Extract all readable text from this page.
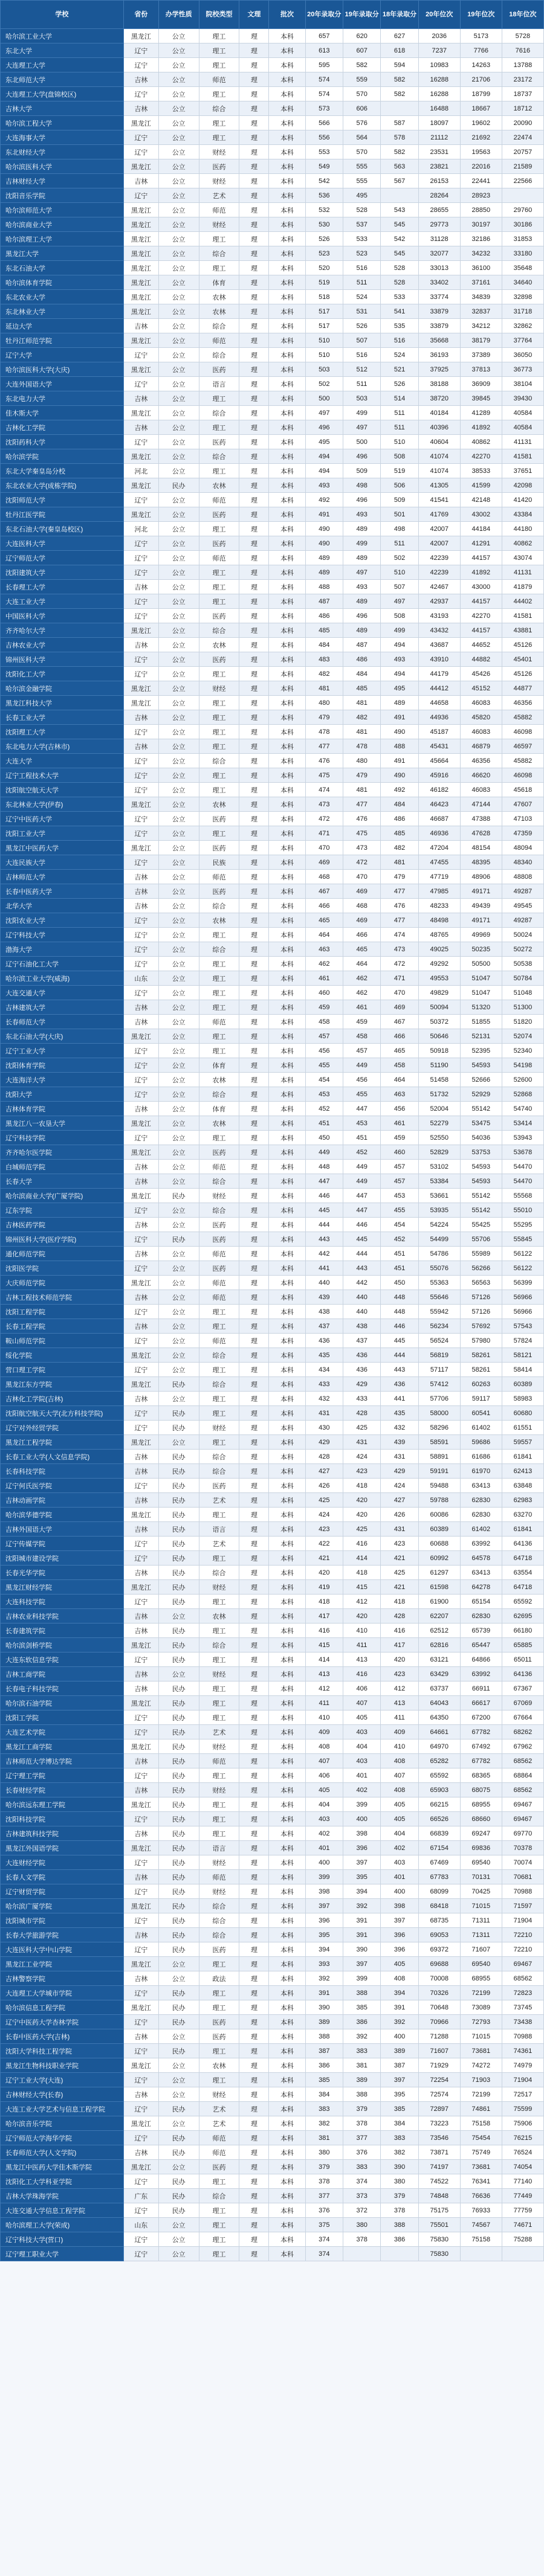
学校	省份	办学性质	院校类型	文理	批次	20年录取分	19年录取分	18年录取分	20年位次	19年位次	18年位次
哈尔滨工业大学	黑龙江	公立	理工	理	本科	657	620	627	2036	5173	5728
东北大学	辽宁	公立	理工	理	本科	613	607	618	7237	7766	7616
大连理工大学	辽宁	公立	理工	理	本科	595	582	594	10983	14263	13788
东北师范大学	吉林	公立	师范	理	本科	574	559	582	16288	21706	23172
大连理工大学(盘锦校区)	辽宁	公立	理工	理	本科	574	570	582	16288	18799	18737
吉林大学	吉林	公立	综合	理	本科	573	606		16488	18667	18712
哈尔滨工程大学	黑龙江	公立	理工	理	本科	566	576	587	18097	19602	20090
大连海事大学	辽宁	公立	理工	理	本科	556	564	578	21112	21692	22474
东北财经大学	辽宁	公立	财经	理	本科	553	570	582	23531	19563	20757
哈尔滨医科大学	黑龙江	公立	医药	理	本科	549	555	563	23821	22016	21589
吉林财经大学	吉林	公立	财经	理	本科	542	555	567	26153	22441	22566
沈阳音乐学院	辽宁	公立	艺术	理	本科	536	495		28264	28923	
哈尔滨师范大学	黑龙江	公立	师范	理	本科	532	528	543	28655	28850	29760
哈尔滨商业大学	黑龙江	公立	财经	理	本科	530	537	545	29773	30197	30186
哈尔滨理工大学	黑龙江	公立	理工	理	本科	526	533	542	31128	32186	31853
黑龙江大学	黑龙江	公立	综合	理	本科	523	523	545	32077	34232	33180
东北石油大学	黑龙江	公立	理工	理	本科	520	516	528	33013	36100	35648
哈尔滨体育学院	黑龙江	公立	体育	理	本科	519	511	528	33402	37161	34640
东北农业大学	黑龙江	公立	农林	理	本科	518	524	533	33774	34839	32898
东北林业大学	黑龙江	公立	农林	理	本科	517	531	541	33879	32837	31718
延边大学	吉林	公立	综合	理	本科	517	526	535	33879	34212	32862
牡丹江师范学院	黑龙江	公立	师范	理	本科	510	507	516	35668	38179	37764
辽宁大学	辽宁	公立	综合	理	本科	510	516	524	36193	37389	36050
哈尔滨医科大学(大庆)	黑龙江	公立	医药	理	本科	503	512	521	37925	37813	36773
大连外国语大学	辽宁	公立	语言	理	本科	502	511	526	38188	36909	38104
东北电力大学	吉林	公立	理工	理	本科	500	503	514	38720	39845	39430
佳木斯大学	黑龙江	公立	综合	理	本科	497	499	511	40184	41289	40584
吉林化工学院	吉林	公立	理工	理	本科	496	497	511	40396	41892	40584
沈阳药科大学	辽宁	公立	医药	理	本科	495	500	510	40604	40862	41131
哈尔滨学院	黑龙江	公立	综合	理	本科	494	496	508	41074	42270	41581
东北大学秦皇岛分校	河北	公立	理工	理	本科	494	509	519	41074	38533	37651
东北农业大学(成栋学院)	黑龙江	民办	农林	理	本科	493	498	506	41305	41599	42098
沈阳师范大学	辽宁	公立	师范	理	本科	492	496	509	41541	42148	41420
牡丹江医学院	黑龙江	公立	医药	理	本科	491	493	501	41769	43002	43384
东北石油大学(秦皇岛校区)	河北	公立	理工	理	本科	490	489	498	42007	44184	44180
大连医科大学	辽宁	公立	医药	理	本科	490	499	511	42007	41291	40862
辽宁师范大学	辽宁	公立	师范	理	本科	489	489	502	42239	44157	43074
沈阳建筑大学	辽宁	公立	理工	理	本科	489	497	510	42239	41892	41131
长春理工大学	吉林	公立	理工	理	本科	488	493	507	42467	43000	41879
大连工业大学	辽宁	公立	理工	理	本科	487	489	497	42937	44157	44402
中国医科大学	辽宁	公立	医药	理	本科	486	496	508	43193	42270	41581
齐齐哈尔大学	黑龙江	公立	综合	理	本科	485	489	499	43432	44157	43881
吉林农业大学	吉林	公立	农林	理	本科	484	487	494	43687	44652	45126
锦州医科大学	辽宁	公立	医药	理	本科	483	486	493	43910	44882	45401
沈阳化工大学	辽宁	公立	理工	理	本科	482	484	494	44179	45426	45126
哈尔滨金融学院	黑龙江	公立	财经	理	本科	481	485	495	44412	45152	44877
黑龙江科技大学	黑龙江	公立	理工	理	本科	480	481	489	44658	46083	46356
长春工业大学	吉林	公立	理工	理	本科	479	482	491	44936	45820	45882
沈阳理工大学	辽宁	公立	理工	理	本科	478	481	490	45187	46083	46098
东北电力大学(吉林市)	吉林	公立	理工	理	本科	477	478	488	45431	46879	46597
大连大学	辽宁	公立	综合	理	本科	476	480	491	45664	46356	45882
辽宁工程技术大学	辽宁	公立	理工	理	本科	475	479	490	45916	46620	46098
沈阳航空航天大学	辽宁	公立	理工	理	本科	474	481	492	46182	46083	45618
东北林业大学(伊春)	黑龙江	公立	农林	理	本科	473	477	484	46423	47144	47607
辽宁中医药大学	辽宁	公立	医药	理	本科	472	476	486	46687	47388	47103
沈阳工业大学	辽宁	公立	理工	理	本科	471	475	485	46936	47628	47359
黑龙江中医药大学	黑龙江	公立	医药	理	本科	470	473	482	47204	48154	48094
大连民族大学	辽宁	公立	民族	理	本科	469	472	481	47455	48395	48340
吉林师范大学	吉林	公立	师范	理	本科	468	470	479	47719	48906	48808
长春中医药大学	吉林	公立	医药	理	本科	467	469	477	47985	49171	49287
北华大学	吉林	公立	综合	理	本科	466	468	476	48233	49439	49545
沈阳农业大学	辽宁	公立	农林	理	本科	465	469	477	48498	49171	49287
辽宁科技大学	辽宁	公立	理工	理	本科	464	466	474	48765	49969	50024
渤海大学	辽宁	公立	综合	理	本科	463	465	473	49025	50235	50272
辽宁石油化工大学	辽宁	公立	理工	理	本科	462	464	472	49292	50500	50538
哈尔滨工业大学(威海)	山东	公立	理工	理	本科	461	462	471	49553	51047	50784
大连交通大学	辽宁	公立	理工	理	本科	460	462	470	49829	51047	51048
吉林建筑大学	吉林	公立	理工	理	本科	459	461	469	50094	51320	51300
长春师范大学	吉林	公立	师范	理	本科	458	459	467	50372	51855	51820
东北石油大学(大庆)	黑龙江	公立	理工	理	本科	457	458	466	50646	52131	52074
辽宁工业大学	辽宁	公立	理工	理	本科	456	457	465	50918	52395	52340
沈阳体育学院	辽宁	公立	体育	理	本科	455	449	458	51190	54593	54198
大连海洋大学	辽宁	公立	农林	理	本科	454	456	464	51458	52666	52600
沈阳大学	辽宁	公立	综合	理	本科	453	455	463	51732	52929	52868
吉林体育学院	吉林	公立	体育	理	本科	452	447	456	52004	55142	54740
黑龙江八一农垦大学	黑龙江	公立	农林	理	本科	451	453	461	52279	53475	53414
辽宁科技学院	辽宁	公立	理工	理	本科	450	451	459	52550	54036	53943
齐齐哈尔医学院	黑龙江	公立	医药	理	本科	449	452	460	52829	53753	53678
白城师范学院	吉林	公立	师范	理	本科	448	449	457	53102	54593	54470
长春大学	吉林	公立	综合	理	本科	447	449	457	53384	54593	54470
哈尔滨商业大学(广厦学院)	黑龙江	民办	财经	理	本科	446	447	453	53661	55142	55568
辽东学院	辽宁	公立	综合	理	本科	445	447	455	53935	55142	55010
吉林医药学院	吉林	公立	医药	理	本科	444	446	454	54224	55425	55295
锦州医科大学(医疗学院)	辽宁	民办	医药	理	本科	443	445	452	54499	55706	55845
通化师范学院	吉林	公立	师范	理	本科	442	444	451	54786	55989	56122
沈阳医学院	辽宁	公立	医药	理	本科	441	443	451	55076	56266	56122
大庆师范学院	黑龙江	公立	师范	理	本科	440	442	450	55363	56563	56399
吉林工程技术师范学院	吉林	公立	师范	理	本科	439	440	448	55646	57126	56966
沈阳工程学院	辽宁	公立	理工	理	本科	438	440	448	55942	57126	56966
长春工程学院	吉林	公立	理工	理	本科	437	438	446	56234	57692	57543
鞍山师范学院	辽宁	公立	师范	理	本科	436	437	445	56524	57980	57824
绥化学院	黑龙江	公立	综合	理	本科	435	436	444	56819	58261	58121
营口理工学院	辽宁	公立	理工	理	本科	434	436	443	57117	58261	58414
黑龙江东方学院	黑龙江	民办	综合	理	本科	433	429	436	57412	60263	60389
吉林化工学院(吉林)	吉林	公立	理工	理	本科	432	433	441	57706	59117	58983
沈阳航空航天大学(北方科技学院)	辽宁	民办	理工	理	本科	431	428	435	58000	60541	60680
辽宁对外经贸学院	辽宁	民办	财经	理	本科	430	425	432	58296	61402	61551
黑龙江工程学院	黑龙江	公立	理工	理	本科	429	431	439	58591	59686	59557
长春工业大学(人文信息学院)	吉林	民办	综合	理	本科	428	424	431	58891	61686	61841
长春科技学院	吉林	民办	综合	理	本科	427	423	429	59191	61970	62413
辽宁何氏医学院	辽宁	民办	医药	理	本科	426	418	424	59488	63413	63848
吉林动画学院	吉林	民办	艺术	理	本科	425	420	427	59788	62830	62983
哈尔滨华德学院	黑龙江	民办	理工	理	本科	424	420	426	60086	62830	63270
吉林外国语大学	吉林	民办	语言	理	本科	423	425	431	60389	61402	61841
辽宁传媒学院	辽宁	民办	艺术	理	本科	422	416	423	60688	63992	64136
沈阳城市建设学院	辽宁	民办	理工	理	本科	421	414	421	60992	64578	64718
长春光华学院	吉林	民办	综合	理	本科	420	418	425	61297	63413	63554
黑龙江财经学院	黑龙江	民办	财经	理	本科	419	415	421	61598	64278	64718
大连科技学院	辽宁	民办	理工	理	本科	418	412	418	61900	65154	65592
吉林农业科技学院	吉林	公立	农林	理	本科	417	420	428	62207	62830	62695
长春建筑学院	吉林	民办	理工	理	本科	416	410	416	62512	65739	66180
哈尔滨剑桥学院	黑龙江	民办	综合	理	本科	415	411	417	62816	65447	65885
大连东软信息学院	辽宁	民办	理工	理	本科	414	413	420	63121	64866	65011
吉林工商学院	吉林	公立	财经	理	本科	413	416	423	63429	63992	64136
长春电子科技学院	吉林	民办	理工	理	本科	412	406	412	63737	66911	67367
哈尔滨石油学院	黑龙江	民办	理工	理	本科	411	407	413	64043	66617	67069
沈阳工学院	辽宁	民办	理工	理	本科	410	405	411	64350	67200	67664
大连艺术学院	辽宁	民办	艺术	理	本科	409	403	409	64661	67782	68262
黑龙江工商学院	黑龙江	民办	财经	理	本科	408	404	410	64970	67492	67962
吉林师范大学博达学院	吉林	民办	师范	理	本科	407	403	408	65282	67782	68562
辽宁理工学院	辽宁	民办	理工	理	本科	406	401	407	65592	68365	68864
长春财经学院	吉林	民办	财经	理	本科	405	402	408	65903	68075	68562
哈尔滨远东理工学院	黑龙江	民办	理工	理	本科	404	399	405	66215	68955	69467
沈阳科技学院	辽宁	民办	理工	理	本科	403	400	405	66526	68660	69467
吉林建筑科技学院	吉林	民办	理工	理	本科	402	398	404	66839	69247	69770
黑龙江外国语学院	黑龙江	民办	语言	理	本科	401	396	402	67154	69836	70378
大连财经学院	辽宁	民办	财经	理	本科	400	397	403	67469	69540	70074
长春人文学院	吉林	民办	师范	理	本科	399	395	401	67783	70131	70681
辽宁财贸学院	辽宁	民办	财经	理	本科	398	394	400	68099	70425	70988
哈尔滨广厦学院	黑龙江	民办	综合	理	本科	397	392	398	68418	71015	71597
沈阳城市学院	辽宁	民办	综合	理	本科	396	391	397	68735	71311	71904
长春大学旅游学院	吉林	民办	综合	理	本科	395	391	396	69053	71311	72210
大连医科大学中山学院	辽宁	民办	医药	理	本科	394	390	396	69372	71607	72210
黑龙江工业学院	黑龙江	公立	理工	理	本科	393	397	405	69688	69540	69467
吉林警察学院	吉林	公立	政法	理	本科	392	399	408	70008	68955	68562
大连理工大学城市学院	辽宁	民办	理工	理	本科	391	388	394	70326	72199	72823
哈尔滨信息工程学院	黑龙江	民办	理工	理	本科	390	385	391	70648	73089	73745
辽宁中医药大学杏林学院	辽宁	民办	医药	理	本科	389	386	392	70966	72793	73438
长春中医药大学(吉林)	吉林	公立	医药	理	本科	388	392	400	71288	71015	70988
沈阳大学科技工程学院	辽宁	民办	理工	理	本科	387	383	389	71607	73681	74361
黑龙江生物科技职业学院	黑龙江	公立	农林	理	本科	386	381	387	71929	74272	74979
辽宁工业大学(大连)	辽宁	公立	理工	理	本科	385	389	397	72254	71903	71904
吉林财经大学(长春)	吉林	公立	财经	理	本科	384	388	395	72574	72199	72517
大连工业大学艺术与信息工程学院	辽宁	民办	艺术	理	本科	383	379	385	72897	74861	75599
哈尔滨音乐学院	黑龙江	公立	艺术	理	本科	382	378	384	73223	75158	75906
辽宁师范大学海华学院	辽宁	民办	师范	理	本科	381	377	383	73546	75454	76215
长春师范大学(人文学院)	吉林	民办	师范	理	本科	380	376	382	73871	75749	76524
黑龙江中医药大学佳木斯学院	黑龙江	公立	医药	理	本科	379	383	390	74197	73681	74054
沈阳化工大学科亚学院	辽宁	民办	理工	理	本科	378	374	380	74522	76341	77140
吉林大学珠海学院	广东	民办	综合	理	本科	377	373	379	74848	76636	77449
大连交通大学信息工程学院	辽宁	民办	理工	理	本科	376	372	378	75175	76933	77759
哈尔滨理工大学(荣成)	山东	公立	理工	理	本科	375	380	388	75501	74567	74671
辽宁科技大学(营口)	辽宁	公立	理工	理	本科	374	378	386	75830	75158	75288
辽宁理工职业大学	辽宁	公立	理工	理	本科	374			75830		
